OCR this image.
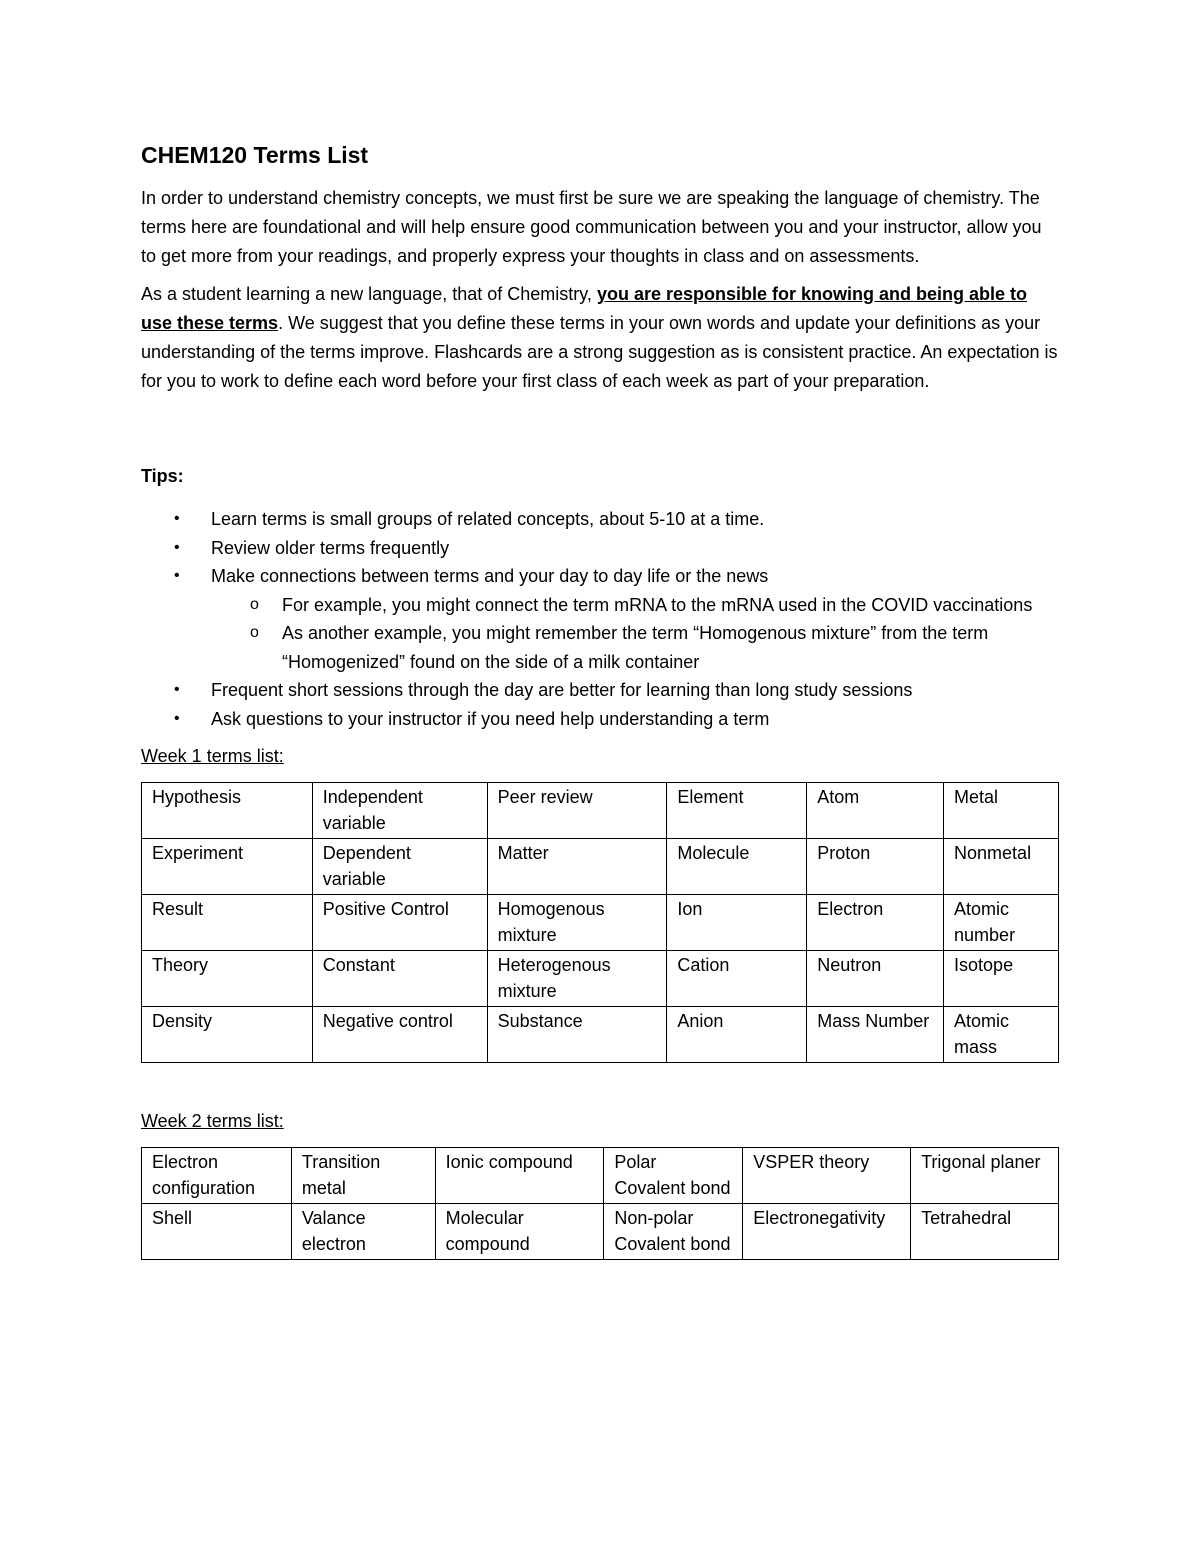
CHEM120 Terms List

In order to understand chemistry concepts, we must first be sure we are speaking the language of chemistry. The terms here are foundational and will help ensure good communication between you and your instructor, allow you to get more from your readings, and properly express your thoughts in class and on assessments.

As a student learning a new language, that of Chemistry, you are responsible for knowing and being able to use these terms. We suggest that you define these terms in your own words and update your definitions as your understanding of the terms improve. Flashcards are a strong suggestion as is consistent practice. An expectation is for you to work to define each word before your first class of each week as part of your preparation.

Tips:
• Learn terms is small groups of related concepts, about 5-10 at a time.
• Review older terms frequently
• Make connections between terms and your day to day life or the news
o For example, you might connect the term mRNA to the mRNA used in the COVID vaccinations
o As another example, you might remember the term “Homogenous mixture” from the term “Homogenized” found on the side of a milk container
• Frequent short sessions through the day are better for learning than long study sessions
• Ask questions to your instructor if you need help understanding a term
Week 1 terms list:
Hypothesis	Independent variable	Peer review	Element	Atom	Metal
Experiment	Dependent variable	Matter	Molecule	Proton	Nonmetal
Result	Positive Control	Homogenous mixture	Ion	Electron	Atomic number
Theory	Constant	Heterogenous mixture	Cation	Neutron	Isotope
Density	Negative control	Substance	Anion	Mass Number	Atomic mass
Week 2 terms list:
Electron configuration	Transition metal	Ionic compound	Polar Covalent bond	VSPER theory	Trigonal planer
Shell	Valance electron	Molecular compound	Non-polar Covalent bond	Electronegativity	Tetrahedral
